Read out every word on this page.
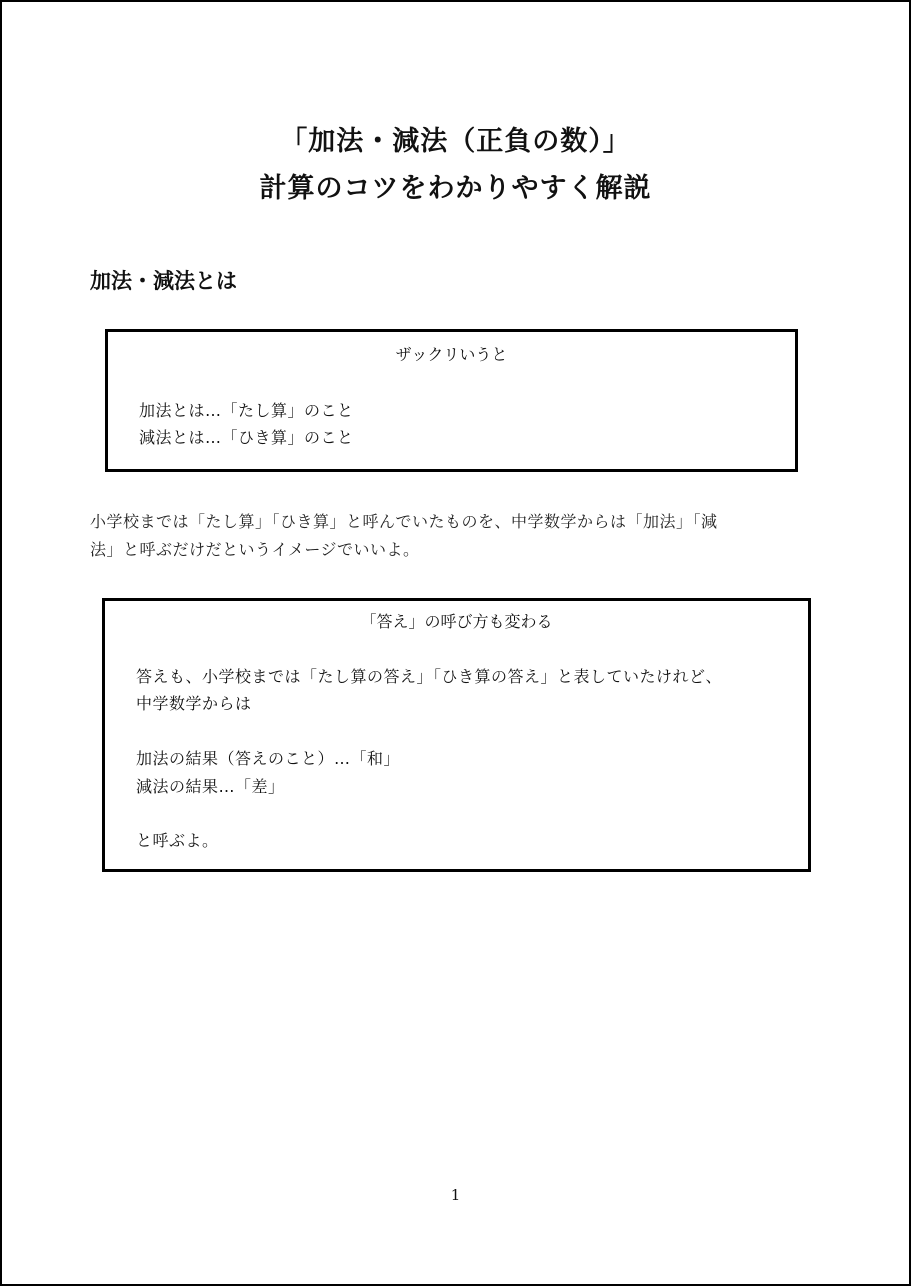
「加法・減法（正負の数）」
計算のコツをわかりやすく解説
加法・減法とは
ザックリいうと
加法とは…「たし算」のこと
減法とは…「ひき算」のこと
小学校までは「たし算」「ひき算」と呼んでいたものを、中学数学からは「加法」「減
法」と呼ぶだけだというイメージでいいよ。
「答え」の呼び方も変わる
答えも、小学校までは「たし算の答え」「ひき算の答え」と表していたけれど、
中学数学からは
加法の結果（答えのこと）…「和」
減法の結果…「差」
と呼ぶよ。
1
